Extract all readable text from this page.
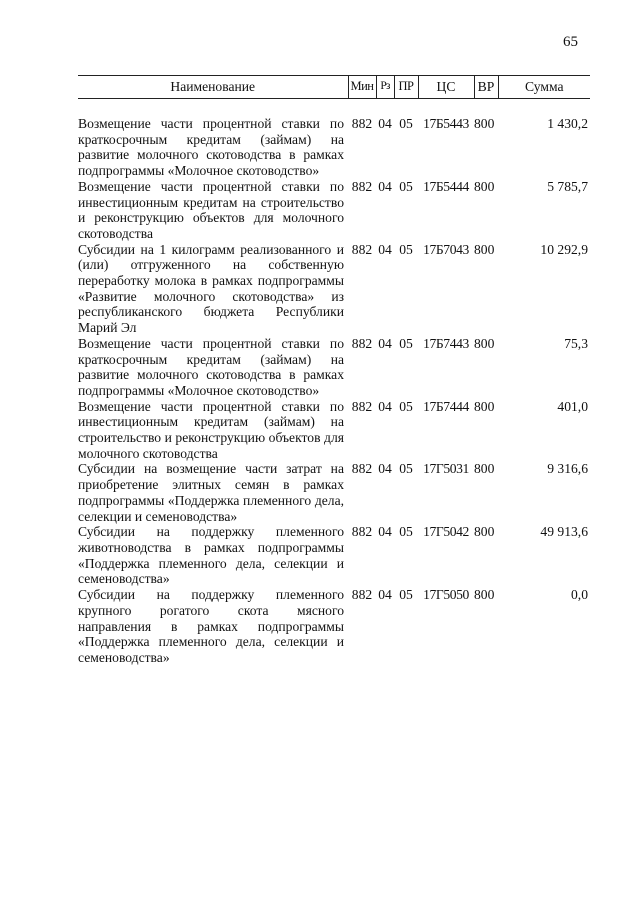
65
Наименование	Мин	Рз	ПР	ЦС	ВР	Сумма

Возмещение части процентной ставки по краткосрочным кредитам (займам) на развитие молочного скотоводства в рамках подпрограммы «Молочное скотоводство»	882	04	05	17Б5443	800	1 430,2
Возмещение части процентной ставки по инвестиционным кредитам на строительство и реконструкцию объектов для молочного скотоводства	882	04	05	17Б5444	800	5 785,7
Субсидии на 1 килограмм реализованного и (или) отгруженного на собственную переработку молока в рамках подпрограммы «Развитие молочного скотоводства» из республиканского бюджета Республики Марий Эл	882	04	05	17Б7043	800	10 292,9
Возмещение части процентной ставки по краткосрочным кредитам (займам) на развитие молочного скотоводства в рамках подпрограммы «Молочное скотоводство»	882	04	05	17Б7443	800	75,3
Возмещение части процентной ставки по инвестиционным кредитам (займам) на строительство и реконструкцию объектов для молочного скотоводства	882	04	05	17Б7444	800	401,0
Субсидии на возмещение части затрат на приобретение элитных семян в рамках подпрограммы «Поддержка племенного дела, селекции и семеноводства»	882	04	05	17Г5031	800	9 316,6
Субсидии на поддержку племенного животноводства в рамках подпрограммы «Поддержка племенного дела, селекции и семеноводства»	882	04	05	17Г5042	800	49 913,6
Субсидии на поддержку племенного крупного рогатого скота мясного направления в рамках подпрограммы «Поддержка племенного дела, селекции и семеноводства»	882	04	05	17Г5050	800	0,0
